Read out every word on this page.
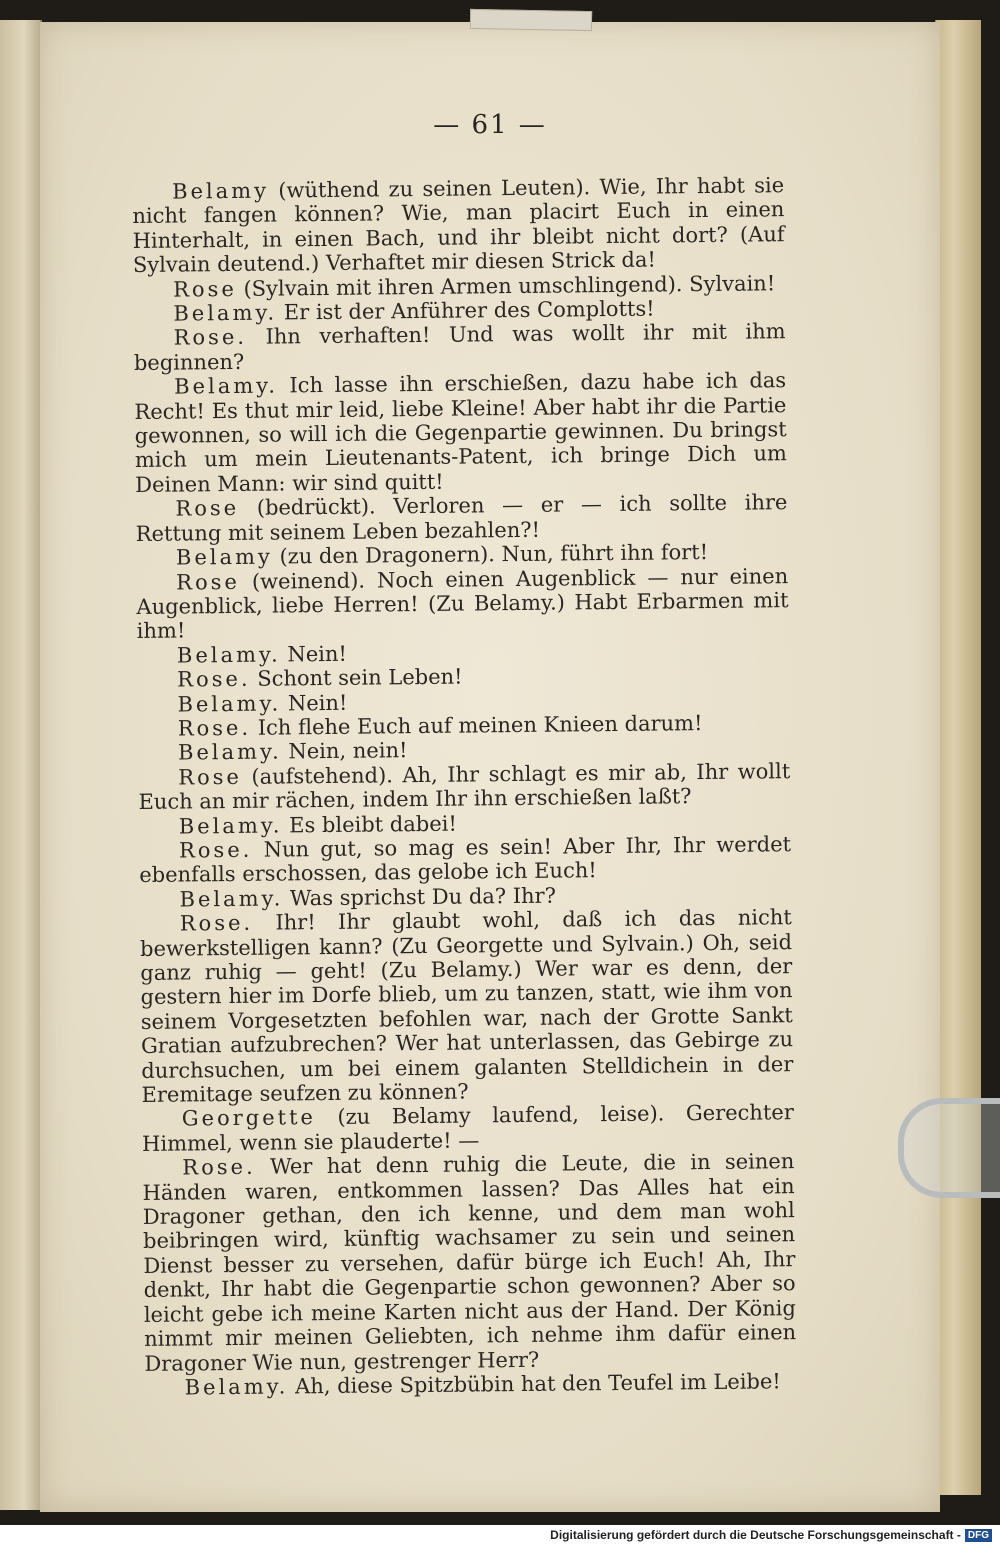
— 61 —

Belamy (wüthend zu seinen Leuten). Wie, Ihr habt sie nicht fangen können? Wie, man placirt Euch in einen Hinterhalt, in einen Bach, und ihr bleibt nicht dort? (Auf Sylvain deutend.) Verhaftet mir diesen Strick da!

Rose (Sylvain mit ihren Armen umschlingend). Sylvain!

Belamy. Er ist der Anführer des Complotts!

Rose. Ihn verhaften! Und was wollt ihr mit ihm beginnen?

Belamy. Ich lasse ihn erschießen, dazu habe ich das Recht! Es thut mir leid, liebe Kleine! Aber habt ihr die Partie gewonnen, so will ich die Gegenpartie gewinnen. Du bringst mich um mein Lieutenants-Patent, ich bringe Dich um Deinen Mann: wir sind quitt!

Rose (bedrückt). Verloren — er — ich sollte ihre Rettung mit seinem Leben bezahlen?!

Belamy (zu den Dragonern). Nun, führt ihn fort!

Rose (weinend). Noch einen Augenblick — nur einen Augenblick, liebe Herren! (Zu Belamy.) Habt Erbarmen mit ihm!

Belamy. Nein!

Rose. Schont sein Leben!

Belamy. Nein!

Rose. Ich flehe Euch auf meinen Knieen darum!

Belamy. Nein, nein!

Rose (aufstehend). Ah, Ihr schlagt es mir ab, Ihr wollt Euch an mir rächen, indem Ihr ihn erschießen laßt?

Belamy. Es bleibt dabei!

Rose. Nun gut, so mag es sein! Aber Ihr, Ihr werdet ebenfalls erschossen, das gelobe ich Euch!

Belamy. Was sprichst Du da? Ihr?

Rose. Ihr! Ihr glaubt wohl, daß ich das nicht bewerkstelligen kann? (Zu Georgette und Sylvain.) Oh, seid ganz ruhig — geht! (Zu Belamy.) Wer war es denn, der gestern hier im Dorfe blieb, um zu tanzen, statt, wie ihm von seinem Vorgesetzten befohlen war, nach der Grotte Sankt Gratian aufzubrechen? Wer hat unterlassen, das Gebirge zu durchsuchen, um bei einem galanten Stelldichein in der Eremitage seufzen zu können?

Georgette (zu Belamy laufend, leise). Gerechter Himmel, wenn sie plauderte! —

Rose. Wer hat denn ruhig die Leute, die in seinen Händen waren, entkommen lassen? Das Alles hat ein Dragoner gethan, den ich kenne, und dem man wohl beibringen wird, künftig wachsamer zu sein und seinen Dienst besser zu versehen, dafür bürge ich Euch! Ah, Ihr denkt, Ihr habt die Gegenpartie schon gewonnen? Aber so leicht gebe ich meine Karten nicht aus der Hand. Der König nimmt mir meinen Geliebten, ich nehme ihm dafür einen Dragoner Wie nun, gestrenger Herr?

Belamy. Ah, diese Spitzbübin hat den Teufel im Leibe!

Digitalisierung gefördert durch die Deutsche Forschungsgemeinschaft - DFG
